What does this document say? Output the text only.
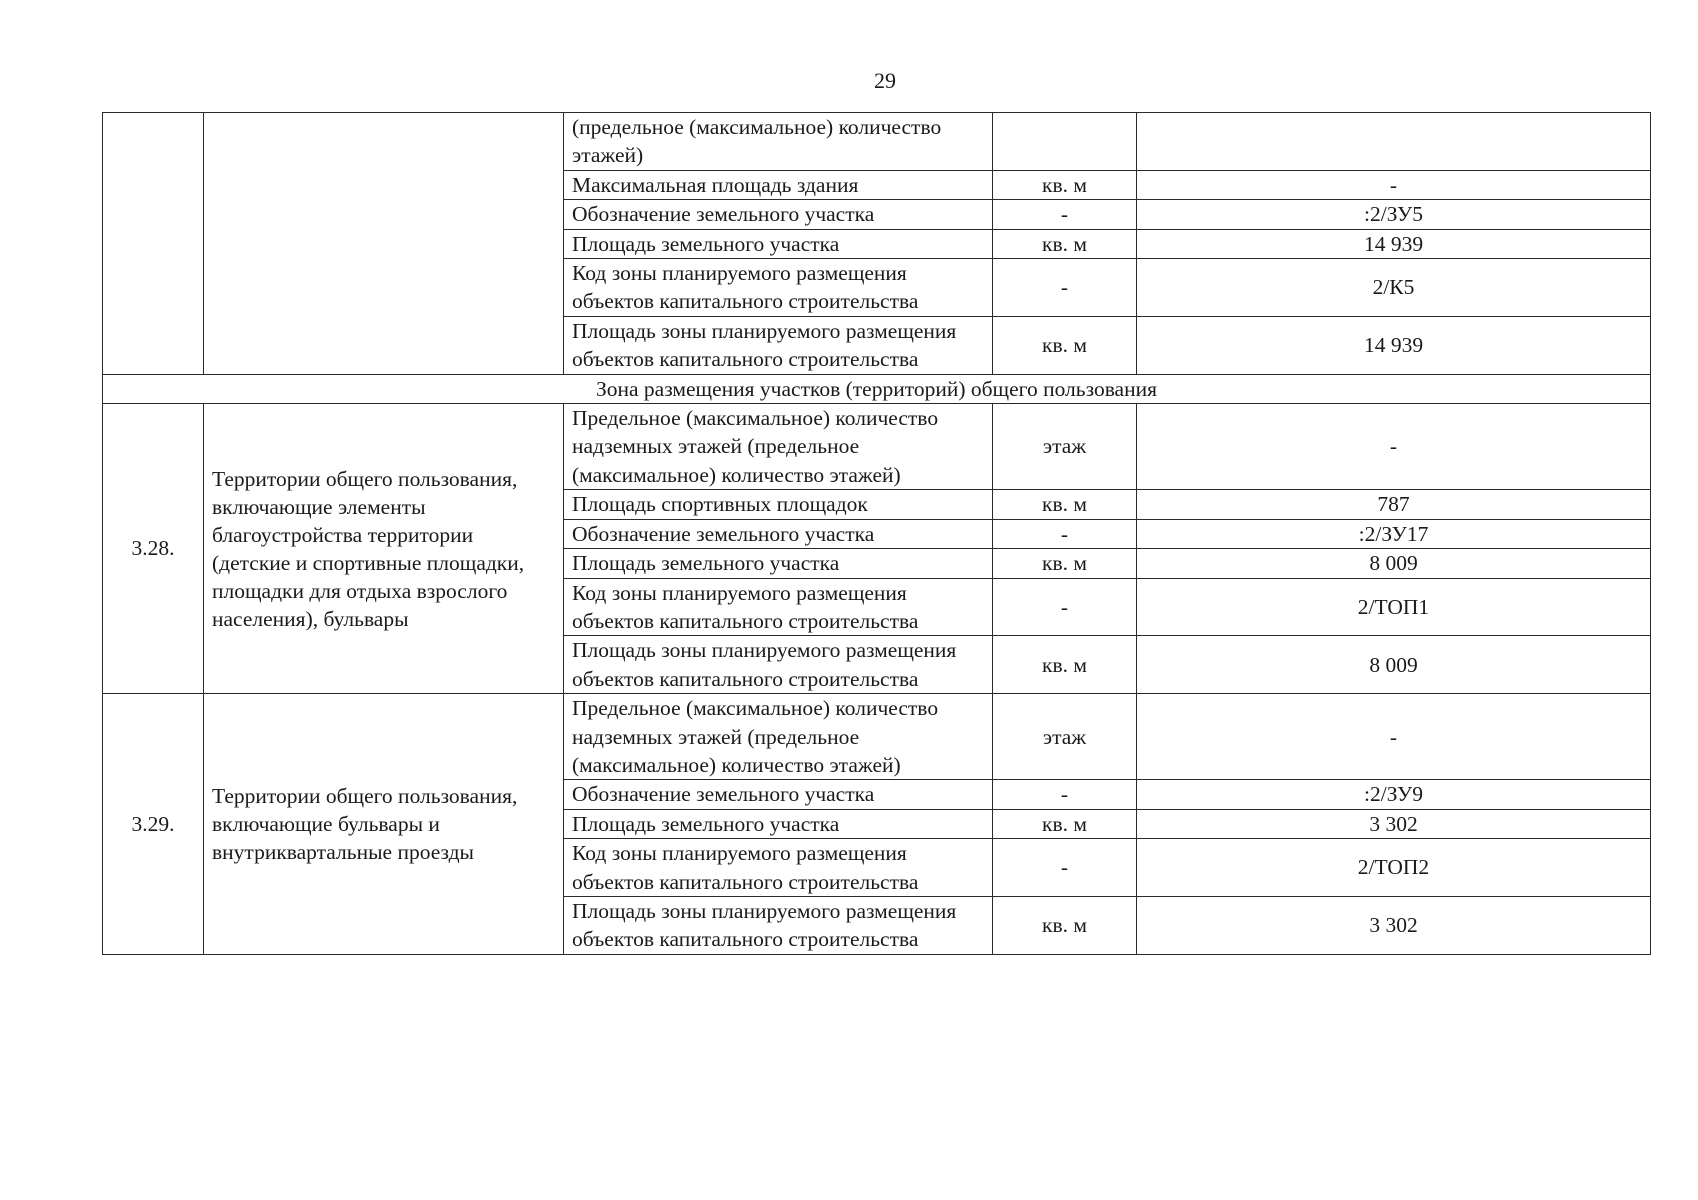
29
		(предельное (максимальное) количество этажей)		
		Максимальная площадь здания	кв. м	-
		Обозначение земельного участка	-	:2/ЗУ5
		Площадь земельного участка	кв. м	14 939
		Код зоны планируемого размещения объектов капитального строительства	-	2/К5
		Площадь зоны планируемого размещения объектов капитального строительства	кв. м	14 939
Зона размещения участков (территорий) общего пользования				
3.28.	Территории общего пользования, включающие элементы благоустройства территории (детские и спортивные площадки, площадки для отдыха взрослого населения), бульвары	Предельное (максимальное) количество надземных этажей (предельное (максимальное) количество этажей)	этаж	-
		Площадь спортивных площадок	кв. м	787
		Обозначение земельного участка	-	:2/ЗУ17
		Площадь земельного участка	кв. м	8 009
		Код зоны планируемого размещения объектов капитального строительства	-	2/ТОП1
		Площадь зоны планируемого размещения объектов капитального строительства	кв. м	8 009
3.29.	Территории общего пользования, включающие бульвары и внутриквартальные проезды	Предельное (максимальное) количество надземных этажей (предельное (максимальное) количество этажей)	этаж	-
		Обозначение земельного участка	-	:2/ЗУ9
		Площадь земельного участка	кв. м	3 302
		Код зоны планируемого размещения объектов капитального строительства	-	2/ТОП2
		Площадь зоны планируемого размещения объектов капитального строительства	кв. м	3 302
